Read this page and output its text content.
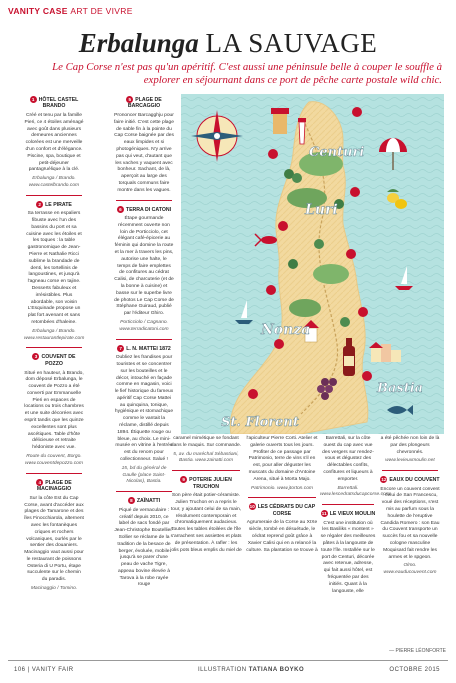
VANITY CASE ART DE VIVRE
Erbalunga LA SAUVAGE
Le Cap Corse n'est pas qu'un apéritif. C'est aussi une péninsule belle à couper le souffle à explorer en séjournant dans ce port de pêche carte postale wild chic.
1 HÔTEL CASTEL BRANDO
Créé et tenu par la famille Pieri, ce 4 étoiles aménagé avec goût dans plusieurs demeures anciennes colorées est une merveille d'un confort et d'élégance. Piscine, spa, boutique et petit-déjeuner pantagruélique à la clé.
Erbalunga / Brando. www.castelbrando.com
2 LE PIRATE
Sa terrasse en espaliers fibuste avec l'un des bassins du port et sa cuisine avec les étoiles et les toques : la table gastronomique de Jean-Pierre et Nathalie Ricci sublime la brandade de denti, les tortellinis de langoustines, et jusqu'à l'agneau corse en tajine. Desserts fabuleux et irrésistibles. Plus abordable, son voisin L'Esquinade propose un plat fort avenant et sans retombées d'haleine.
Erbalunga / Brando. www.restaurantlepirate.com
3 COUVENT DE POZZO
Situé en hauteur, à Brando, dom déposé Erbalunga, le couvent de Pozzo a été converti par Emmanuelle Pieri en espaces de locations ou trois chambres et une suite décorées avec esprit tandis que les quinze excellentes sont plus ascétiques. Table d'hôte délicieuse et retraite hédoniste avec vue.
Route du couvent, Borgo. www.couventdepozzo.com
4 PLAGE DE MACINAGGIO
Sur la côte Est du Cap Corse, avant d'accéder aux plages de Tamarone et des îles Finocchiarola, alternent avec les fontanèques criques et rochers volcaniques, ourlés par le sentier des douaniers. Macinaggio vaut aussi pour le restaurant de poissons Osteria di U Portu, étape succulente sur le chemin du paradis.
Macinaggio / Tomino.
5 PLAGE DE BARCAGGIO
Prononcer Barcagghju pour faire initié. C'est cette plage de sable fin à la pointe du Cap Corse baignée par des eaux limpides et si photogéniques. N'y arrive pas qui veut, d'autant que les vaches y vaquent avec bonheur. Sachant, de là, aperçoit au large des torquals communs faire montre dans les vagues.
6 TERRA DI CATONI
Étape gourmande récemment ouverte non loin de Porticciolo, cet élégant café-épicerie au féminin qui domine la route et la mer à travers les pins, autorise une halte, le temps de faire emplettes de confitures au cédrat Calisi, de charcuterie (et de la bonne à cuisine) et basse sur le superbe livre de photos Le Cap Corse de Stéphane Guiraud, publié par l'éditeur Ghiro.
Porticciolo / Cagnano. www.terradicatoni.com
7 L. N. MATTEI 1872
Oubliez les frandises pour touristes et se concentrer sur les bouteilles et le décor, intouché en façade comme en magasin, voici le fief historique du fameux apéritif Cap Corse Mattei au quinquina, tonique, hygiénique et stomachique comme le vantait la réclame, distillé depuis 1894. Étiquette rouge ou bleue, au choix. Le mini-musée en vitrine à l'entrée est du renom pour collectionneur. Salué !
15, bd du général de Gaulle (place Saint-Nicolas), Bastia.
8 ZAÏNATTI
Piqué de vernaculaire : créatif depuis 2010, ce label de sacs fondé par Jean-Christophe Boutellier-Sollier se réclame de la tradition de la besace de berger, évoluée, mobile jusqu'à se parer d'une peau de vache Tigre, appeau bovine élevée à Tarova à la robe rayée rouge
Centuri
Luri
Nonza
Bastia
St. Florent
caramel mimétique se fondant dans le maquis. Sur commande.
5, av. du maréchal Sébastiani, Bastia. www.zainatti.com
9 POTERIE JULIEN TRUCHON
Son père était potier-céramiste. Julien Truchon en a repris le tour, y ajoutant celui de sa main, résolument contemporain et chromatiquement audacieux. Toutes les tables étoilées de l'île s'arrachent ses assiettes et plats de présentation. À rafler : les jolis pots bleus emplis du miel de
l'apiculteur Pierre Corti. Atelier et galerie ouverts tous les jours. Profiter de ce passage par Patrimonio, terre de vins s'il en est, pour aller déguster les muscats du domaine d'Antoine Arena, situé à Morta Majo.
Patrimonio. www.jtorton.com
10 LES CÉDRATS DU CAP CORSE
Agrumeraie de la Corse au XIXe siècle, tombé en désuétude, le cédrat reprend goût grâce à Xavier Calisi qui en a relancé la culture. Sa plantation se trouve à
Barrettali, sur la côte ouest du cap avec vue des vergers sur rendez-vous et dégustez des délectables confits, confitures et liqueurs à emporter.
Barrettali. www.lescedratsducapcorse.com
11 LE VIEUX MOULIN
C'est une institution où les Basiliks « montent » se régaler des meilleures pâtes à la langouste de toute l'île. Installée sur le port de Centuri, décorée avec retenue, adresse, qui fait aussi hôtel, est fréquentée par des initiés. Quant à la langouste, elle
a été pêchée non loin de là par des plongeurs chevronnés.
www.levieuxmoulin.net
12 EAUX DU COUVENT
Encore un couvent convent : celui de San Francescu, voué des réceptions, s'est mis au parfum sous la houlette de l'eruptive Candida Romero : son Eau du Couvent transporte un succès fou et sa nouvelle cologne masculine Moquisard fait rendre les armes et le spgeon.
Olmo. www.eauducouvent.com
— PIERRE LÉONFORTE
106 | VANITY FAIR	ILLUSTRATION TATIANA BOYKO	OCTOBRE 2015
